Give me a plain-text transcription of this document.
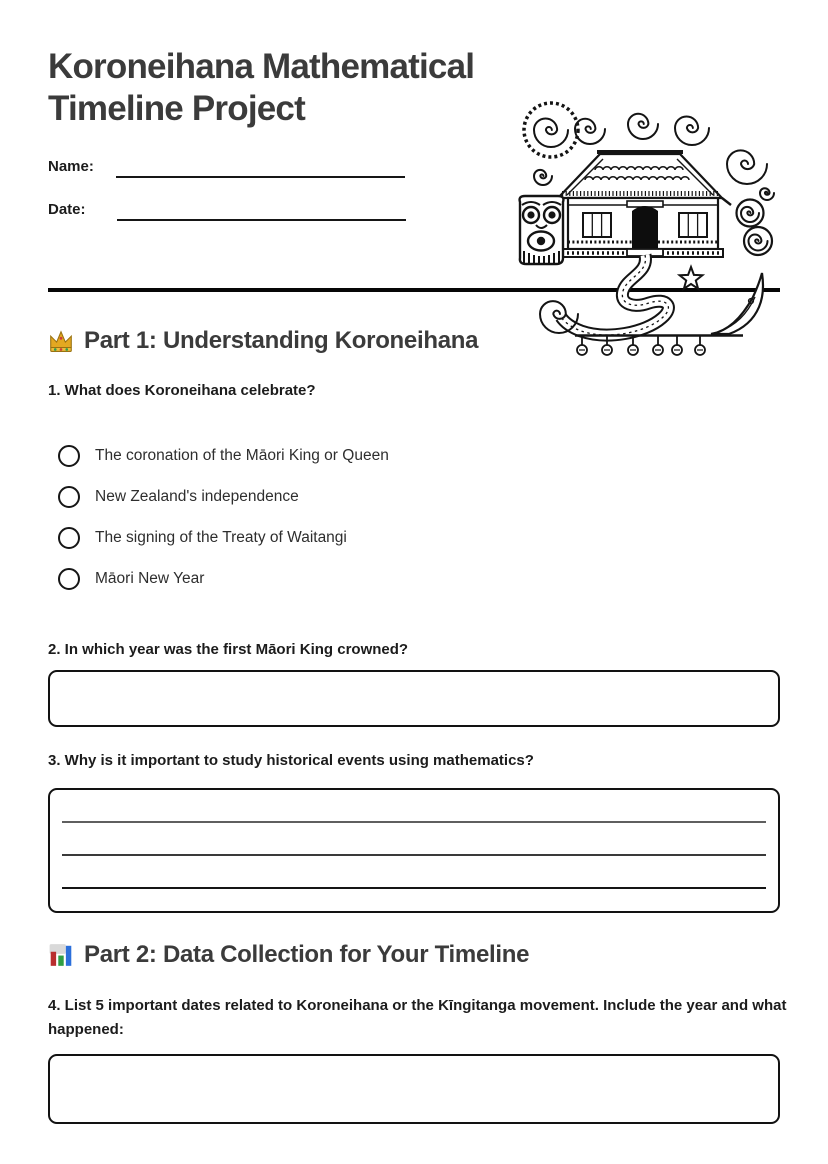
Koroneihana Mathematical Timeline Project
Name:
Date:
Part 1: Understanding Koroneihana

1. What does Koroneihana celebrate?

The coronation of the Māori King or Queen
New Zealand's independence
The signing of the Treaty of Waitangi
Māori New Year

2. In which year was the first Māori King crowned?

3. Why is it important to study historical events using mathematics?

Part 2: Data Collection for Your Timeline

4. List 5 important dates related to Koroneihana or the Kīngitanga movement. Include the year and what happened:
